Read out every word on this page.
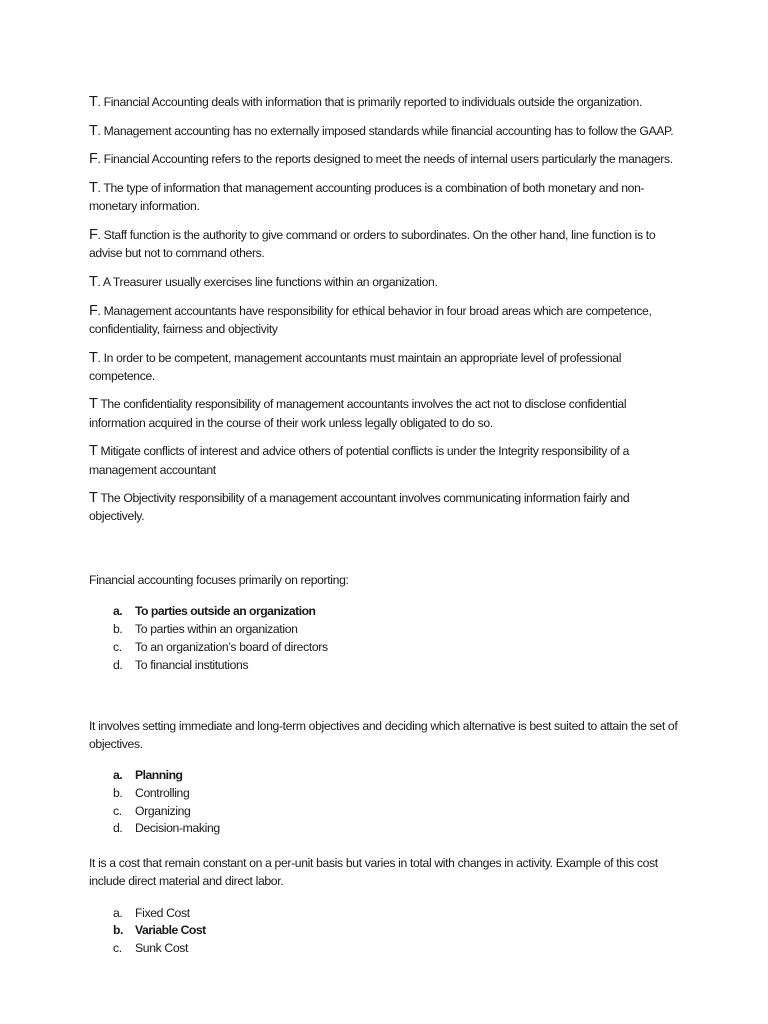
T. Financial Accounting deals with information that is primarily reported to individuals outside the organization.

T. Management accounting has no externally imposed standards while financial accounting has to follow the GAAP.

F. Financial Accounting refers to the reports designed to meet the needs of internal users particularly the managers.

T. The type of information that management accounting produces is a combination of both monetary and non-monetary information.

F. Staff function is the authority to give command or orders to subordinates. On the other hand, line function is to advise but not to command others.

T. A Treasurer usually exercises line functions within an organization.

F. Management accountants have responsibility for ethical behavior in four broad areas which are competence, confidentiality, fairness and objectivity

T. In order to be competent, management accountants must maintain an appropriate level of professional competence.

T The confidentiality responsibility of management accountants involves the act not to disclose confidential information acquired in the course of their work unless legally obligated to do so.

T Mitigate conflicts of interest and advice others of potential conflicts is under the Integrity responsibility of a management accountant

T The Objectivity responsibility of a management accountant involves communicating information fairly and objectively.

Financial accounting focuses primarily on reporting:

a.	To parties outside an organization
b.	To parties within an organization
c.	To an organization’s board of directors
d.	To financial institutions

It involves setting immediate and long-term objectives and deciding which alternative is best suited to attain the set of objectives.

a.	Planning
b.	Controlling
c.	Organizing
d.	Decision-making

It is a cost that remain constant on a per-unit basis but varies in total with changes in activity. Example of this cost include direct material and direct labor.

a.	Fixed Cost
b. Variable Cost
c.	Sunk Cost
